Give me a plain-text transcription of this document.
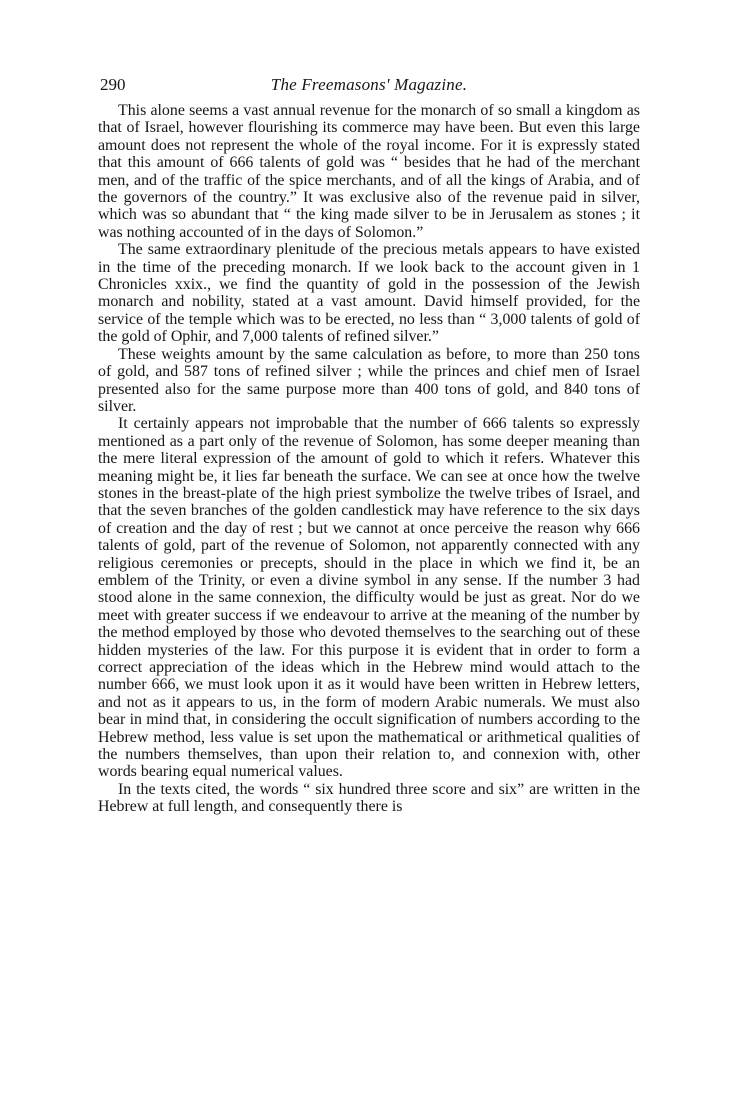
290	The Freemasons' Magazine.

This alone seems a vast annual revenue for the monarch of so small a kingdom as that of Israel, however flourishing its commerce may have been. But even this large amount does not represent the whole of the royal income. For it is expressly stated that this amount of 666 talents of gold was “ besides that he had of the merchant men, and of the traffic of the spice merchants, and of all the kings of Arabia, and of the governors of the country.” It was exclusive also of the revenue paid in silver, which was so abundant that “ the king made silver to be in Jerusalem as stones ; it was nothing accounted of in the days of Solomon.”

The same extraordinary plenitude of the precious metals appears to have existed in the time of the preceding monarch. If we look back to the account given in 1 Chronicles xxix., we find the quantity of gold in the possession of the Jewish monarch and nobility, stated at a vast amount. David himself provided, for the service of the temple which was to be erected, no less than “ 3,000 talents of gold of the gold of Ophir, and 7,000 talents of refined silver.”

These weights amount by the same calculation as before, to more than 250 tons of gold, and 587 tons of refined silver ; while the princes and chief men of Israel presented also for the same purpose more than 400 tons of gold, and 840 tons of silver.

It certainly appears not improbable that the number of 666 talents so expressly mentioned as a part only of the revenue of Solomon, has some deeper meaning than the mere literal expression of the amount of gold to which it refers. Whatever this meaning might be, it lies far beneath the surface. We can see at once how the twelve stones in the breast-plate of the high priest symbolize the twelve tribes of Israel, and that the seven branches of the golden candlestick may have reference to the six days of creation and the day of rest ; but we cannot at once perceive the reason why 666 talents of gold, part of the revenue of Solomon, not apparently connected with any religious ceremonies or precepts, should in the place in which we find it, be an emblem of the Trinity, or even a divine symbol in any sense. If the number 3 had stood alone in the same connexion, the difficulty would be just as great. Nor do we meet with greater success if we endeavour to arrive at the meaning of the number by the method employed by those who devoted themselves to the searching out of these hidden mysteries of the law. For this purpose it is evident that in order to form a correct appreciation of the ideas which in the Hebrew mind would attach to the number 666, we must look upon it as it would have been written in Hebrew letters, and not as it appears to us, in the form of modern Arabic numerals. We must also bear in mind that, in considering the occult signification of numbers according to the Hebrew method, less value is set upon the mathematical or arithmetical qualities of the numbers themselves, than upon their relation to, and connexion with, other words bearing equal numerical values.

In the texts cited, the words “ six hundred three score and six” are written in the Hebrew at full length, and consequently there is
